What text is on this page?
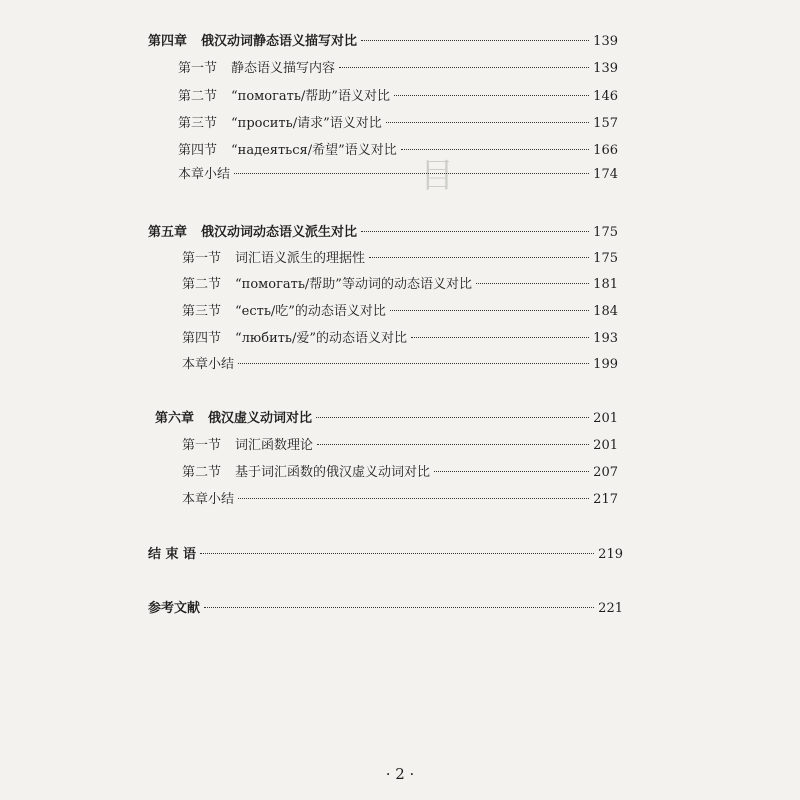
目
第四章 俄汉动词静态语义描写对比	139
第一节 静态语义描写内容	139
第二节 “помогать/帮助”语义对比	146
第三节 “просить/请求”语义对比	157
第四节 “надеяться/希望”语义对比	166
本章小结	174
第五章 俄汉动词动态语义派生对比	175
第一节 词汇语义派生的理据性	175
第二节 “помогать/帮助”等动词的动态语义对比	181
第三节 “есть/吃”的动态语义对比	184
第四节 “любить/爱”的动态语义对比	193
本章小结	199
第六章 俄汉虚义动词对比	201
第一节 词汇函数理论	201
第二节 基于词汇函数的俄汉虚义动词对比	207
本章小结	217
结 束 语	219
参考文献	221
· 2 ·
